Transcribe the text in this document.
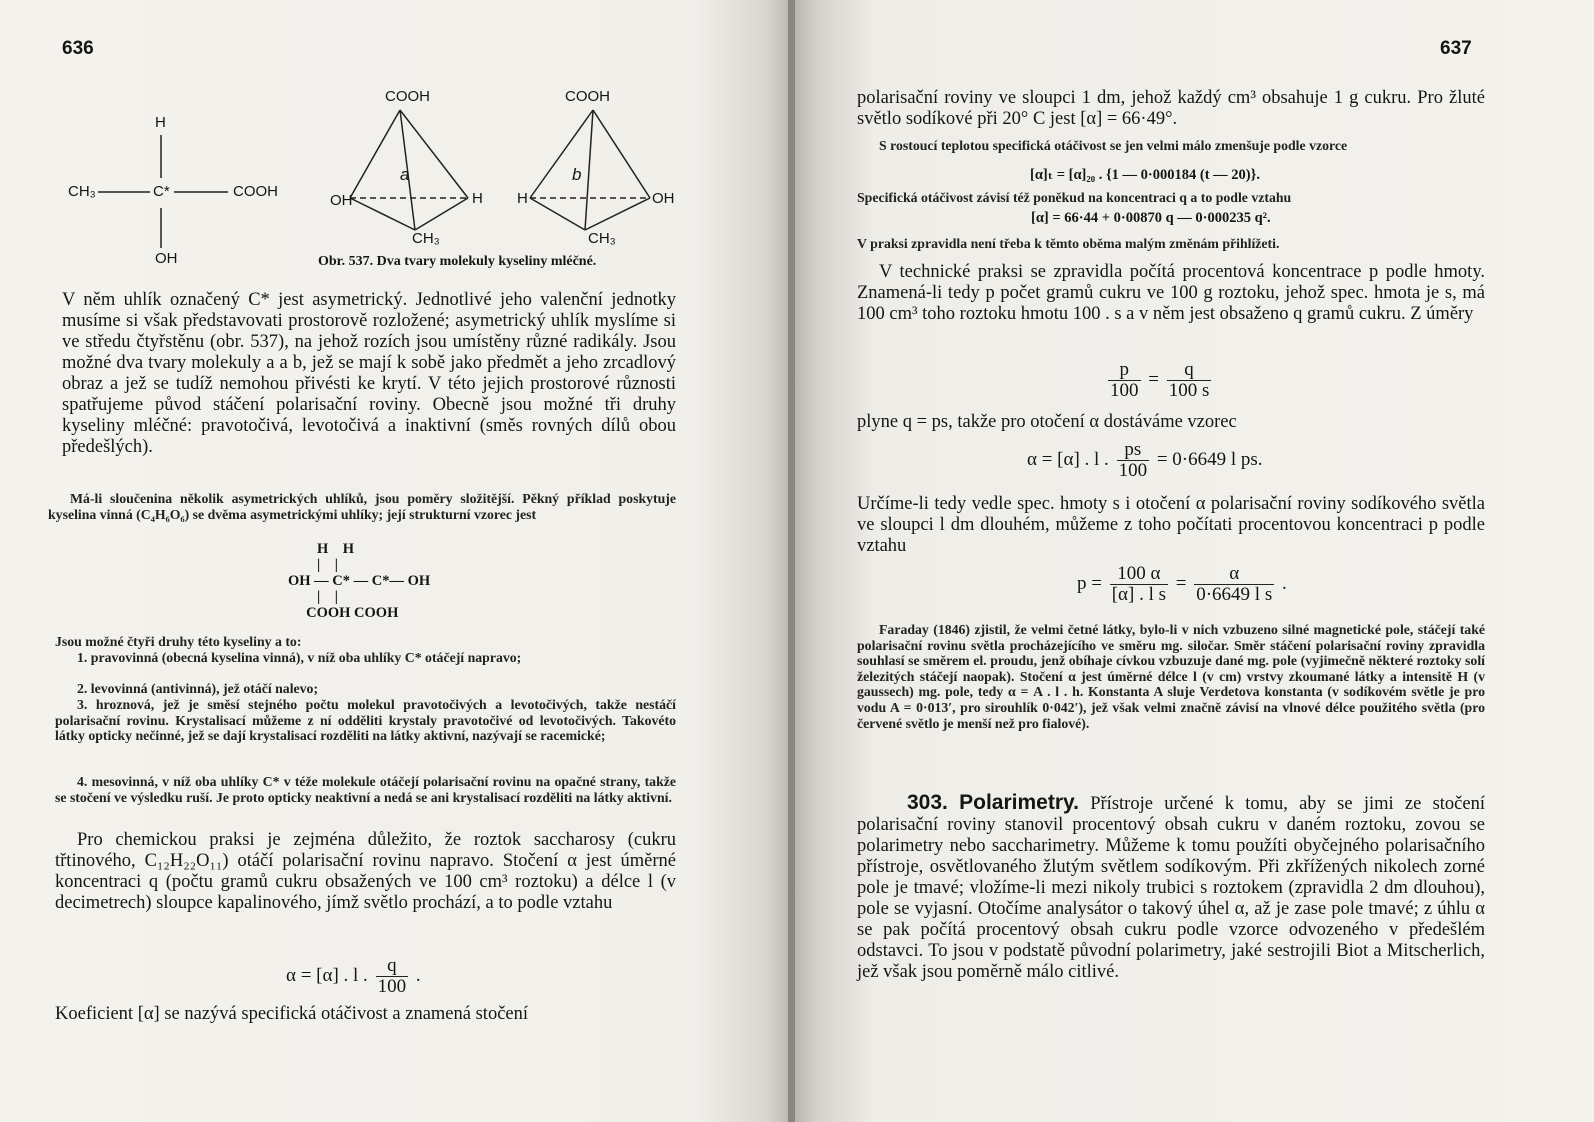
636
H
OH
CH₃	C*	COOH
COOH
OH	H
CH₃
a
COOH
H	OH
CH₃
b
Obr. 537. Dva tvary molekuly kyseliny mléčné.
V něm uhlík označený C* jest asymetrický. Jednotlivé jeho valenční jednotky musíme si však představovati prostorově rozložené; asymetrický uhlík myslíme si ve středu čtyřstěnu (obr. 537), na jehož rozích jsou umístěny různé radikály. Jsou možné dva tvary molekuly a a b, jež se mají k sobě jako předmět a jeho zrcadlový obraz a jež se tudíž nemohou přivésti ke krytí. V této jejich prostorové různosti spatřujeme původ stáčení polarisační roviny. Obecně jsou možné tři druhy kyseliny mléčné: pravotočivá, levotočivá a inaktivní (směs rovných dílů obou předešlých).
Má-li sloučenina několik asymetrických uhlíků, jsou poměry složitější. Pěkný příklad poskytuje kyselina vinná (C₄H₆O₆) se dvěma asymetrickými uhlíky; její strukturní vzorec jest
H    H
|    |
OH — C* — C*— OH
|    |
COOH COOH
Jsou možné čtyři druhy této kyseliny a to:
1. pravovinná (obecná kyselina vinná), v níž oba uhlíky C* otáčejí napravo;
2. levovinná (antivinná), jež otáčí nalevo;
3. hroznová, jež je směsí stejného počtu molekul pravotočivých a levotočivých, takže nestáčí polarisační rovinu. Krystalisací můžeme z ní odděliti krystaly pravotočivé od levotočivých. Takovéto látky opticky nečinné, jež se dají krystalisací rozděliti na látky aktivní, nazývají se racemické;
4. mesovinná, v níž oba uhlíky C* v téže molekule otáčejí polarisační rovinu na opačné strany, takže se stočení ve výsledku ruší. Je proto opticky neaktivní a nedá se ani krystalisací rozděliti na látky aktivní.
Pro chemickou praksi je zejména důležito, že roztok saccharosy (cukru třtinového, C₁₂H₂₂O₁₁) otáčí polarisační rovinu napravo. Stočení α jest úměrné koncentraci q (počtu gramů cukru obsažených ve 100 cm³ roztoku) a délce l (v decimetrech) sloupce kapalinového, jímž světlo prochází, a to podle vztahu
α = [α] . l . $\frac{q}{100}$ .
Koeficient [α] se nazývá specifická otáčivost a znamená stočení
637
polarisační roviny ve sloupci 1 dm, jehož každý cm³ obsahuje 1 g cukru. Pro žluté světlo sodíkové při 20° C jest [α] = 66·49°.
S rostoucí teplotou specifická otáčivost se jen velmi málo zmenšuje podle vzorce
[α]ₜ = [α]₂₀ . {1 — 0·000184 (t — 20)}.
Specifická otáčivost závisí též poněkud na koncentraci q a to podle vztahu
[α] = 66·44 + 0·00870 q — 0·000235 q².
V praksi zpravidla není třeba k těmto oběma malým změnám přihlížeti.
V technické praksi se zpravidla počítá procentová koncentrace p podle hmoty. Znamená-li tedy p počet gramů cukru ve 100 g roztoku, jehož spec. hmota je s, má 100 cm³ toho roztoku hmotu 100 . s a v něm jest obsaženo q gramů cukru. Z úměry
$\frac{p}{100} = \frac{q}{100 s}$
plyne q = ps, takže pro otočení α dostáváme vzorec
α = [α] . l . $\frac{ps}{100} = 0\cdot 6649$ l ps.
Určíme-li tedy vedle spec. hmoty s i otočení α polarisační roviny sodíkového světla ve sloupci l dm dlouhém, můžeme z toho počítati procentovou koncentraci p podle vztahu
$p = \frac{100 \alpha}{\text{[α] . l s}} = \frac{\alpha}{\text{0·6649 l s}}$ .
Faraday (1846) zjistil, že velmi četné látky, bylo-li v nich vzbuzeno silné magnetické pole, stáčejí také polarisační rovinu světla procházejícího ve směru mg. siločar. Směr stáčení polarisační roviny zpravidla souhlasí se směrem el. proudu, jenž obíhaje cívkou vzbuzuje dané mg. pole (vyjimečně některé roztoky solí železitých stáčejí naopak). Stočení α jest úměrné délce l (v cm) vrstvy zkoumané látky a intensitě H (v gaussech) mg. pole, tedy α = A . l . h. Konstanta A sluje Verdetova konstanta (v sodíkovém světle je pro vodu A = 0·013′, pro sirouhlík 0·042′), jež však velmi značně závisí na vlnové délce použitého světla (pro červené světlo je menší než pro fialové).

303. Polarimetry. Přístroje určené k tomu, aby se jimi ze stočení polarisační roviny stanovil procentový obsah cukru v daném roztoku, zovou se polarimetry nebo saccharimetry. Můžeme k tomu použíti obyčejného polarisačního přístroje, osvětlovaného žlutým světlem sodíkovým. Při zkřížených nikolech zorné pole je tmavé; vložíme-li mezi nikoly trubici s roztokem (zpravidla 2 dm dlouhou), pole se vyjasní. Otočíme analysátor o takový úhel α, až je zase pole tmavé; z úhlu α se pak počítá procentový obsah cukru podle vzorce odvozeného v předešlém odstavci. To jsou v podstatě původní polarimetry, jaké sestrojili Biot a Mitscherlich, jež však jsou poměrně málo citlivé.
